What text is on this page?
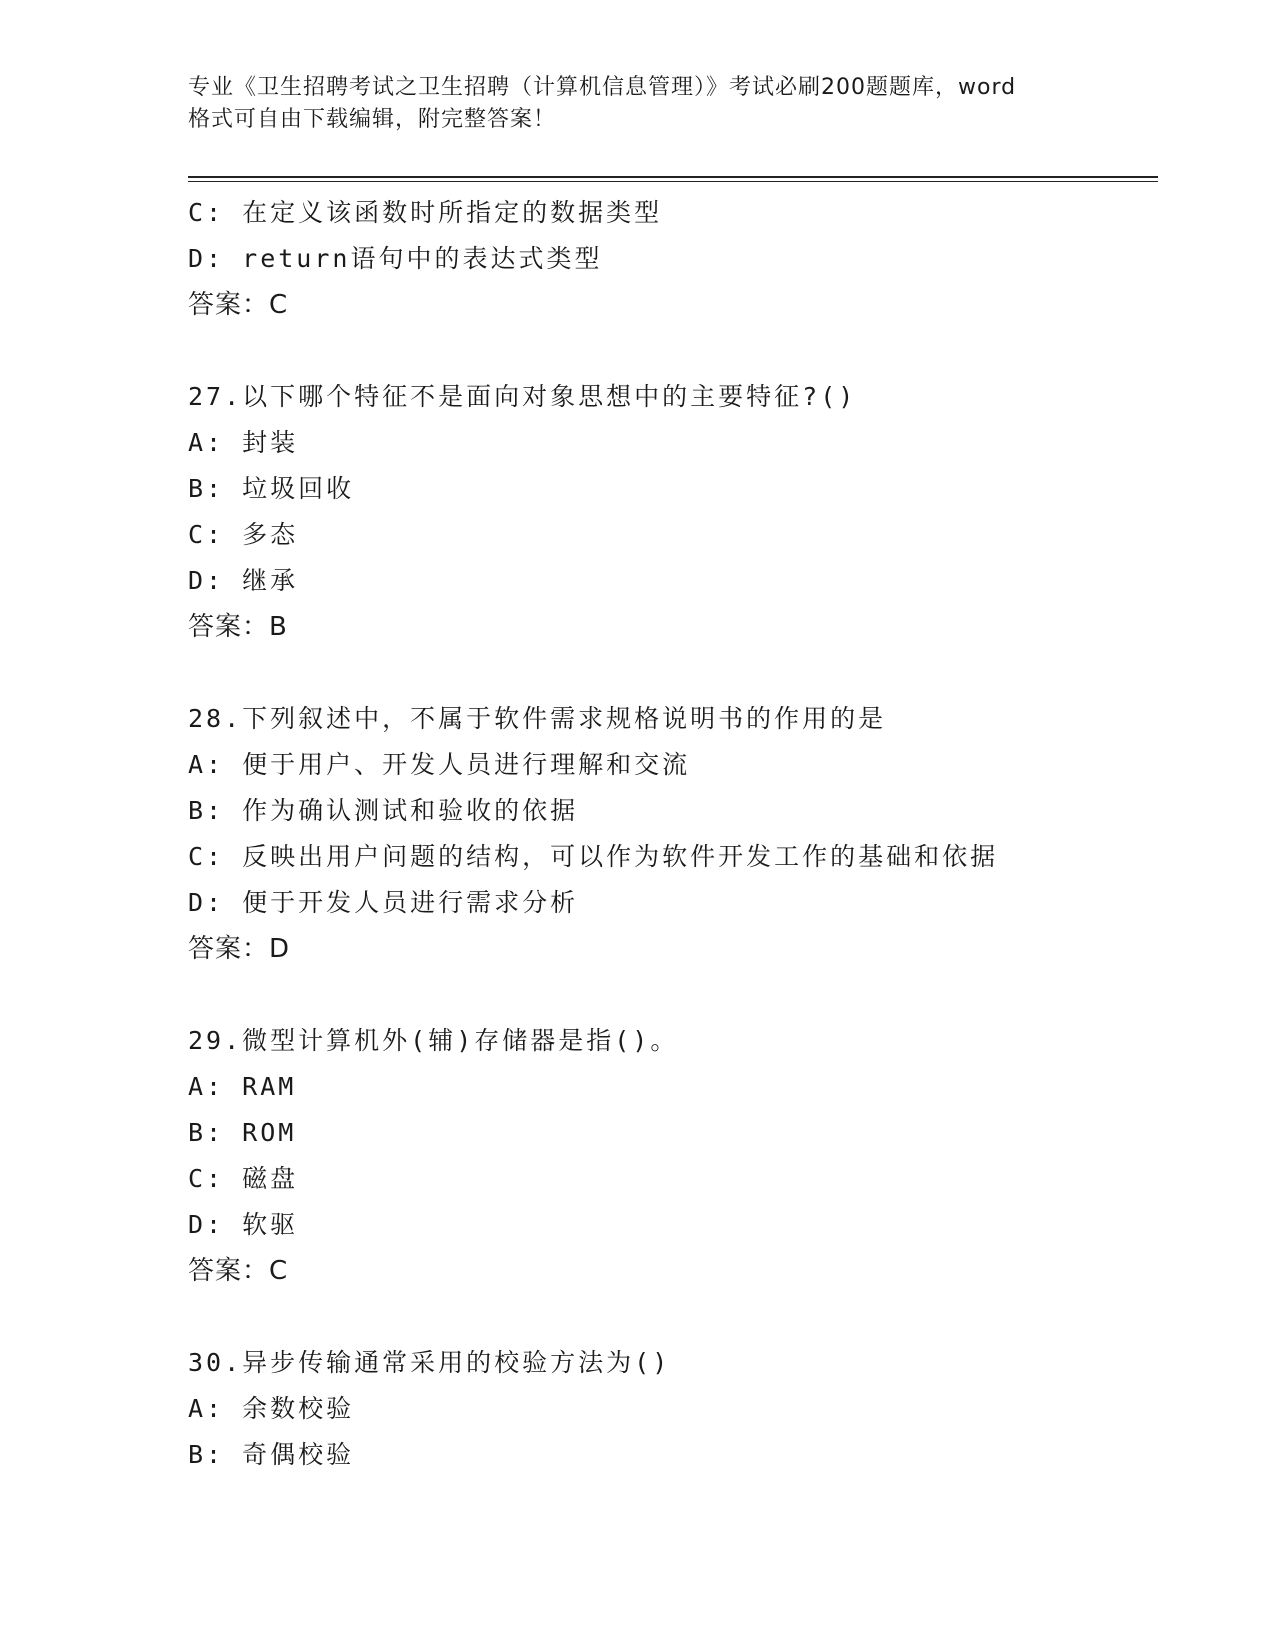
专业《卫生招聘考试之卫生招聘（计算机信息管理）》考试必刷200题题库，word
格式可自由下载编辑，附完整答案！
C: 在定义该函数时所指定的数据类型
D: return语句中的表达式类型
答案：C
27.以下哪个特征不是面向对象思想中的主要特征?()
A: 封装
B: 垃圾回收
C: 多态
D: 继承
答案：B
28.下列叙述中，不属于软件需求规格说明书的作用的是
A: 便于用户、开发人员进行理解和交流
B: 作为确认测试和验收的依据
C: 反映出用户问题的结构，可以作为软件开发工作的基础和依据
D: 便于开发人员进行需求分析
答案：D
29.微型计算机外(辅)存储器是指()。
A: RAM
B: ROM
C: 磁盘
D: 软驱
答案：C
30.异步传输通常采用的校验方法为()
A: 余数校验
B: 奇偶校验
